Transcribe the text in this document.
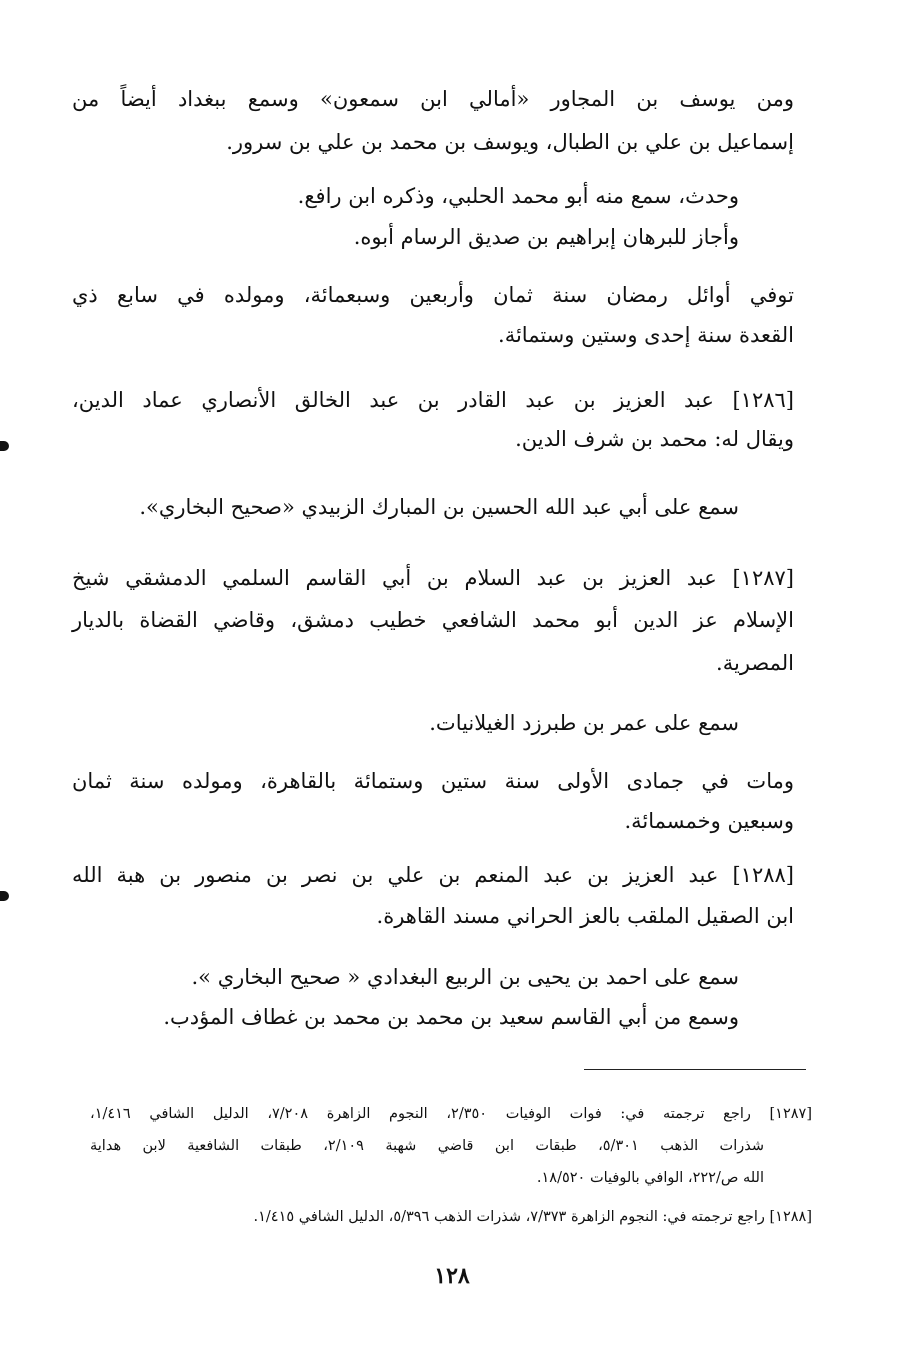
ومن يوسف بن المجاور «أمالي ابن سمعون» وسمع ببغداد أيضاً من
إسماعيل بن علي بن الطبال، ويوسف بن محمد بن علي بن سرور.
وحدث، سمع منه أبو محمد الحلبي، وذكره ابن رافع.
وأجاز للبرهان إبراهيم بن صديق الرسام أبوه.
توفي أوائل رمضان سنة ثمان وأربعين وسبعمائة، ومولده في سابع ذي
القعدة سنة إحدى وستين وستمائة.
[١٢٨٦] عبد العزيز بن عبد القادر بن عبد الخالق الأنصاري عماد الدين،
ويقال له: محمد بن شرف الدين.
سمع على أبي عبد الله الحسين بن المبارك الزبيدي «صحيح البخاري».
[١٢٨٧] عبد العزيز بن عبد السلام بن أبي القاسم السلمي الدمشقي شيخ
الإسلام عز الدين أبو محمد الشافعي خطيب دمشق، وقاضي القضاة بالديار
المصرية.
سمع على عمر بن طبرزد الغيلانيات.
ومات في جمادى الأولى سنة ستين وستمائة بالقاهرة، ومولده سنة ثمان
وسبعين وخمسمائة.
[١٢٨٨] عبد العزيز بن عبد المنعم بن علي بن نصر بن منصور بن هبة الله
ابن الصقيل الملقب بالعز الحراني مسند القاهرة.
سمع على احمد بن يحيى بن الربيع البغدادي « صحيح البخاري ».
وسمع من أبي القاسم سعيد بن محمد بن محمد بن غطاف المؤدب.
[١٢٨٧] راجع ترجمته في: فوات الوفيات ٢/٣٥٠، النجوم الزاهرة ٧/٢٠٨، الدليل الشافي ١/٤١٦،
شذرات الذهب ٥/٣٠١، طبقات ابن قاضي شهبة ٢/١٠٩، طبقات الشافعية لابن هداية
الله ص/٢٢٢، الوافي بالوفيات ١٨/٥٢٠.
[١٢٨٨] راجع ترجمته في: النجوم الزاهرة ٧/٣٧٣، شذرات الذهب ٥/٣٩٦، الدليل الشافي ١/٤١٥.
١٢٨
